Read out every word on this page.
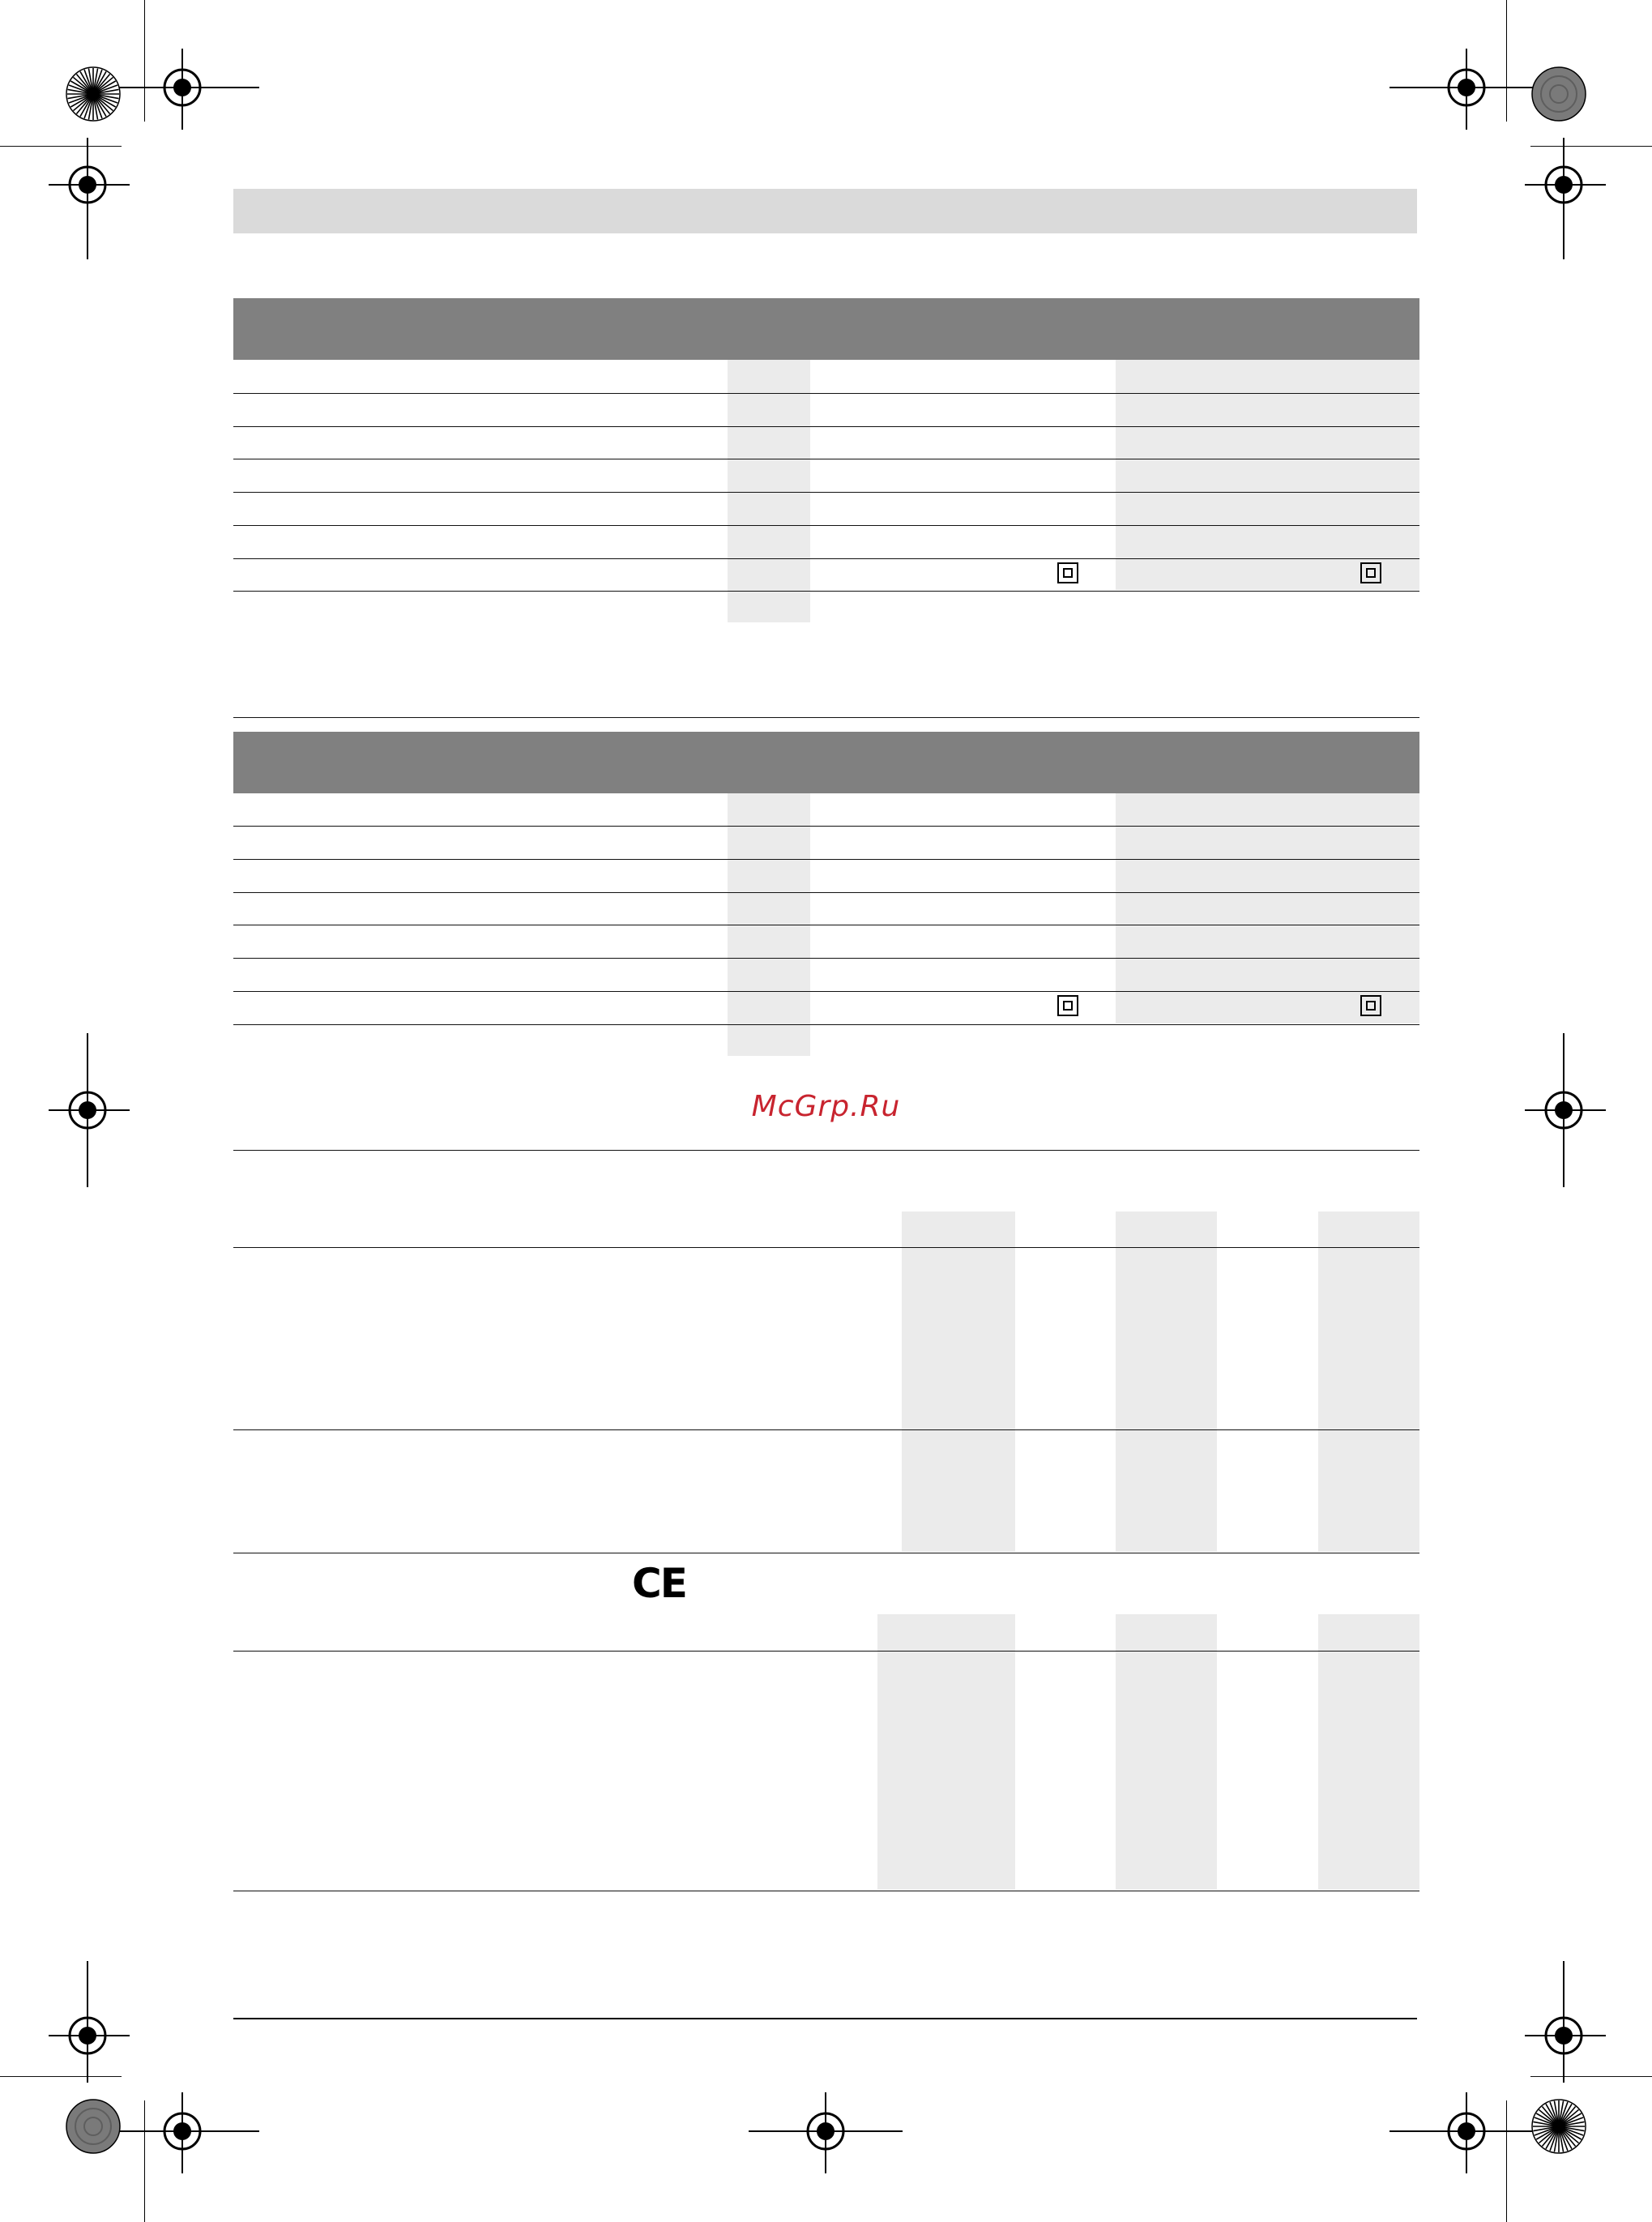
McGrp.Ru
CE
